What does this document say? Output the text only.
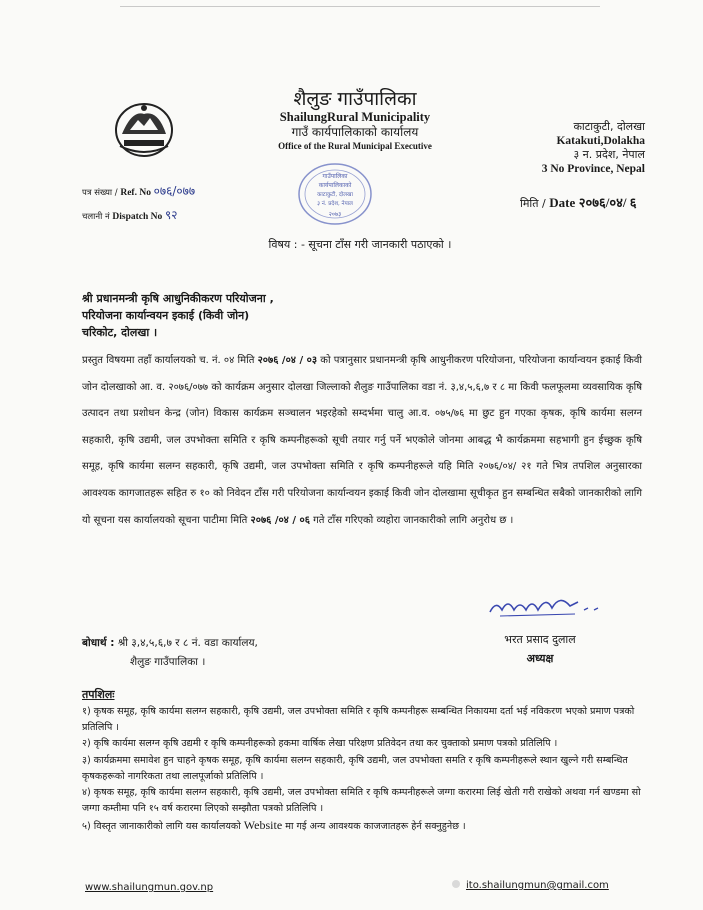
शैलुङ गाउँपालिका
ShailungRural Municipality
गाउँ कार्यपालिकाको कार्यालय
Office of the Rural Municipal Executive
काटाकुटी, दोलखा
Katakuti,Dolakha
३ न. प्रदेश, नेपाल
3 No Province, Nepal
पत्र संख्या / Ref. No ०७६/०७७
चलानी नं Dispatch No ९२
गाउँपालिका
कार्यपालिकाको
काटाकुटी, दोलखा
३ नं. प्रदेश, नेपाल
२०७३
मिति / Date २०७६/०४/ ६
विषय : - सूचना टाँस गरी जानकारी पठाएको ।
श्री प्रधानमन्त्री कृषि आधुनिकीकरण परियोजना ,
परियोजना कार्यान्वयन इकाई (किवी जोन)
चरिकोट, दोलखा ।
प्रस्तुत विषयमा तहाँ कार्यालयको च. नं. ०४ मिति २०७६ /०४ / ०३ को पत्रानुसार प्रधानमन्त्री कृषि आधुनीकरण परियोजना, परियोजना कार्यान्वयन इकाई किवी जोन दोलखाको आ. व. २०७६/०७७ को कार्यक्रम अनुसार दोलखा जिल्लाको शैलुङ गाउँपालिका वडा नं. ३,४,५,६,७ र ८ मा किवी फलफूलमा व्यवसायिक कृषि उत्पादन तथा प्रशोधन केन्द्र (जोन) विकास कार्यक्रम सञ्चालन भइरहेको सम्दर्भमा चालु आ.व. ०७५/७६ मा छुट हुन गएका कृषक, कृषि कार्यमा सलग्न सहकारी, कृषि उद्यमी, जल उपभोक्ता समिति र कृषि कम्पनीहरूको सूची तयार गर्नु पर्ने भएकोले जोनमा आबद्ध भै कार्यक्रममा सहभागी हुन ईच्छुक कृषि समूह, कृषि कार्यमा सलग्न सहकारी, कृषि उद्यमी, जल उपभोक्ता समिति र कृषि कम्पनीहरूले यहि मिति २०७६/०४/ २१ गते भित्र तपशिल अनुसारका आवश्यक कागजातहरू सहित रु १० को निवेदन टाँस गरी परियोजना कार्यान्वयन इकाई किवी जोन दोलखामा सूचीकृत हुन सम्बन्धित सबैको जानकारीको लागि यो सूचना यस कार्यालयको सूचना पाटीमा मिति २०७६ /०४ / ०६ गते टाँस गरिएको व्यहोरा जानकारीको लागि अनुरोध छ ।
भरत प्रसाद दुलाल
अध्यक्ष
बोधार्थ : श्री ३,४,५,६,७ र ८ नं. वडा कार्यालय,
शैलुङ गाउँपालिका ।
तपशिलः
१) कृषक समूह, कृषि कार्यमा सलग्न सहकारी, कृषि उद्यमी, जल उपभोक्ता समिति र कृषि कम्पनीहरू सम्बन्धित निकायमा दर्ता भई नविकरण भएको प्रमाण पत्रको प्रतिलिपि ।
२) कृषि कार्यमा सलग्न कृषि उद्यमी र कृषि कम्पनीहरूको हकमा वार्षिक लेखा परिक्षण प्रतिवेदन तथा कर चुक्ताको प्रमाण पत्रको प्रतिलिपि ।
३) कार्यक्रममा समावेश हुन चाहने कृषक समूह, कृषि कार्यमा सलग्न सहकारी, कृषि उद्यमी, जल उपभोक्ता समति र कृषि कम्पनीहरूले स्थान खुल्ने गरी सम्बन्धित कृषकहरूको नागरिकता तथा लालपूर्जाको प्रतिलिपि ।
४) कृषक समूह, कृषि कार्यमा सलग्न सहकारी, कृषि उद्यमी, जल उपभोक्ता समिति र कृषि कम्पनीहरूले जग्गा करारमा लिई खेती गरी राखेको अथवा गर्न खण्डमा सो जग्गा कम्तीमा पनि १५ वर्ष करारमा लिएको सम्झौता पत्रको प्रतिलिपि ।
५) विस्तृत जानाकारीको लागि यस कार्यालयको Website मा गई अन्य आवश्यक काजजातहरू हेर्न सक्नुहुनेछ ।
www.shailungmun.gov.np	ito.shailungmun@gmail.com
